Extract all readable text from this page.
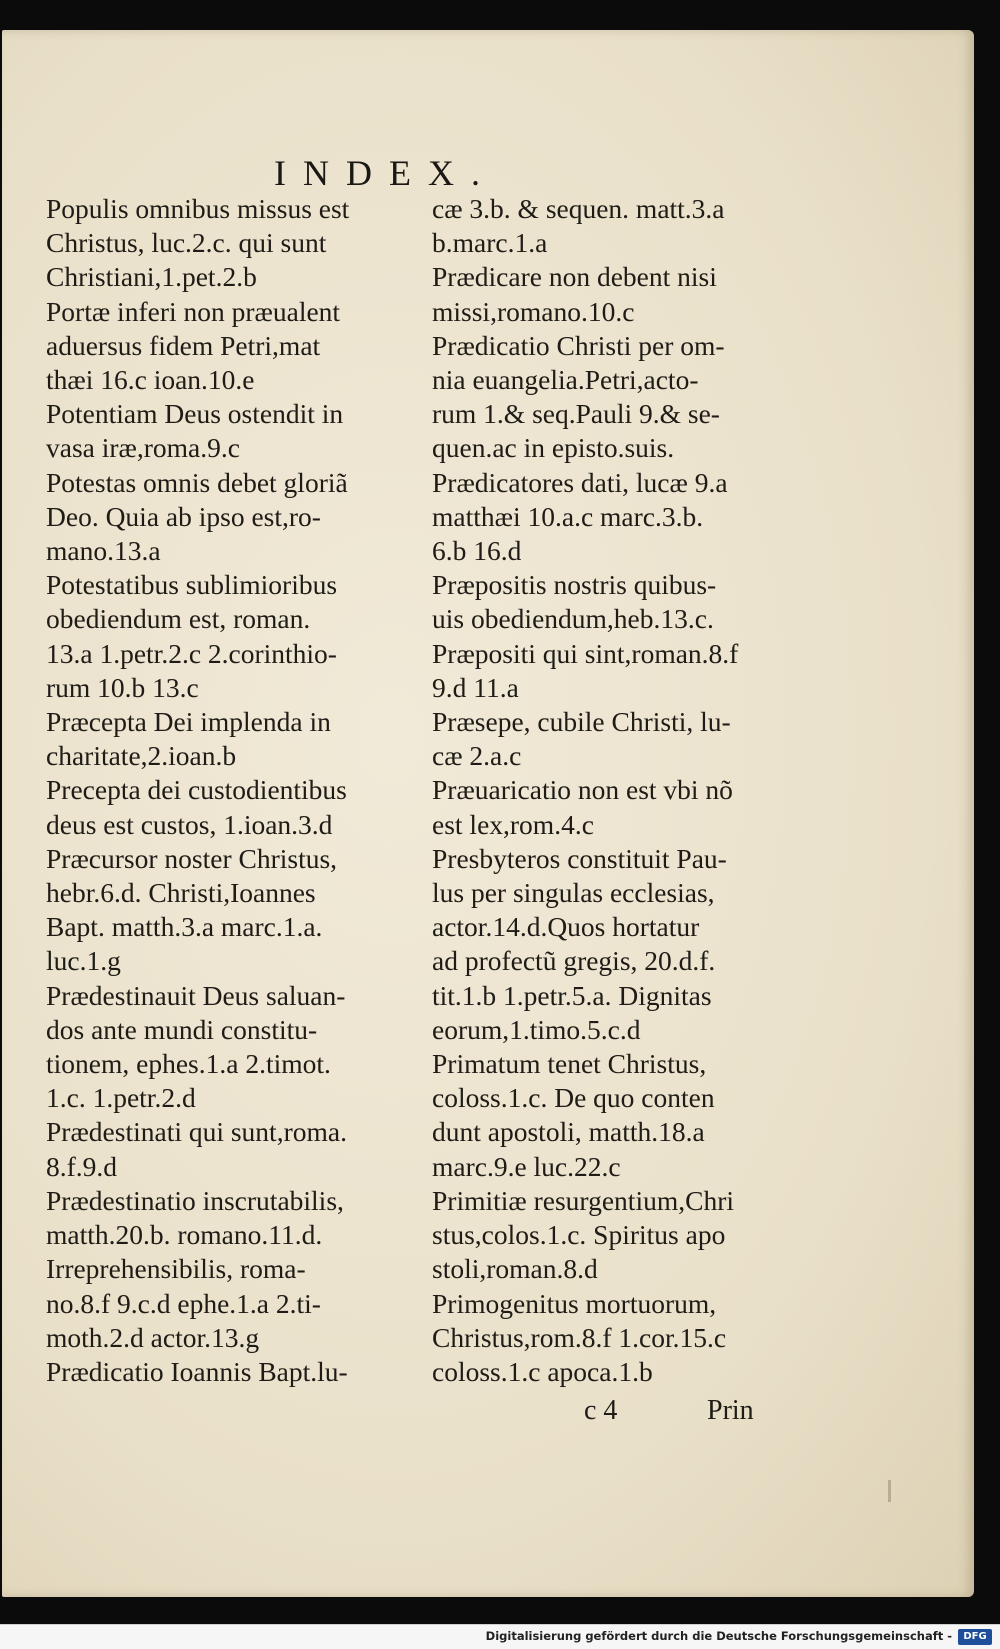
INDEX.
Populis omnibus missus est
Christus, luc.2.c. qui sunt
Christiani,1.pet.2.b
Portæ inferi non præualent
aduersus fidem Petri,mat
thæi 16.c ioan.10.e
Potentiam Deus ostendit in
vasa iræ,roma.9.c
Potestas omnis debet gloriã
Deo. Quia ab ipso est,ro-
mano.13.a
Potestatibus sublimioribus
obediendum est, roman.
13.a 1.petr.2.c 2.corinthio-
rum 10.b 13.c
Præcepta Dei implenda in
charitate,2.ioan.b
Precepta dei custodientibus
deus est custos, 1.ioan.3.d
Præcursor noster Christus,
hebr.6.d. Christi,Ioannes
Bapt. matth.3.a marc.1.a.
luc.1.g
Prædestinauit Deus saluan-
dos ante mundi constitu-
tionem, ephes.1.a 2.timot.
1.c. 1.petr.2.d
Prædestinati qui sunt,roma.
8.f.9.d
Prædestinatio inscrutabilis,
matth.20.b. romano.11.d.
Irreprehensibilis, roma-
no.8.f 9.c.d ephe.1.a 2.ti-
moth.2.d actor.13.g
Prædicatio Ioannis Bapt.lu-
cæ 3.b. & sequen. matt.3.a
b.marc.1.a
Prædicare non debent nisi
missi,romano.10.c
Prædicatio Christi per om-
nia euangelia.Petri,acto-
rum 1.& seq.Pauli 9.& se-
quen.ac in episto.suis.
Prædicatores dati, lucæ 9.a
matthæi 10.a.c marc.3.b.
6.b 16.d
Præpositis nostris quibus-
uis obediendum,heb.13.c.
Præpositi qui sint,roman.8.f
9.d 11.a
Præsepe, cubile Christi, lu-
cæ 2.a.c
Præuaricatio non est vbi nõ
est lex,rom.4.c
Presbyteros constituit Pau-
lus per singulas ecclesias,
actor.14.d.Quos hortatur
ad profectũ gregis, 20.d.f.
tit.1.b 1.petr.5.a. Dignitas
eorum,1.timo.5.c.d
Primatum tenet Christus,
coloss.1.c. De quo conten
dunt apostoli, matth.18.a
marc.9.e luc.22.c
Primitiæ resurgentium,Chri
stus,colos.1.c. Spiritus apo
stoli,roman.8.d
Primogenitus mortuorum,
Christus,rom.8.f 1.cor.15.c
coloss.1.c apoca.1.b
c 4	Prin
Digitalisierung gefördert durch die Deutsche Forschungsgemeinschaft -	DFG
